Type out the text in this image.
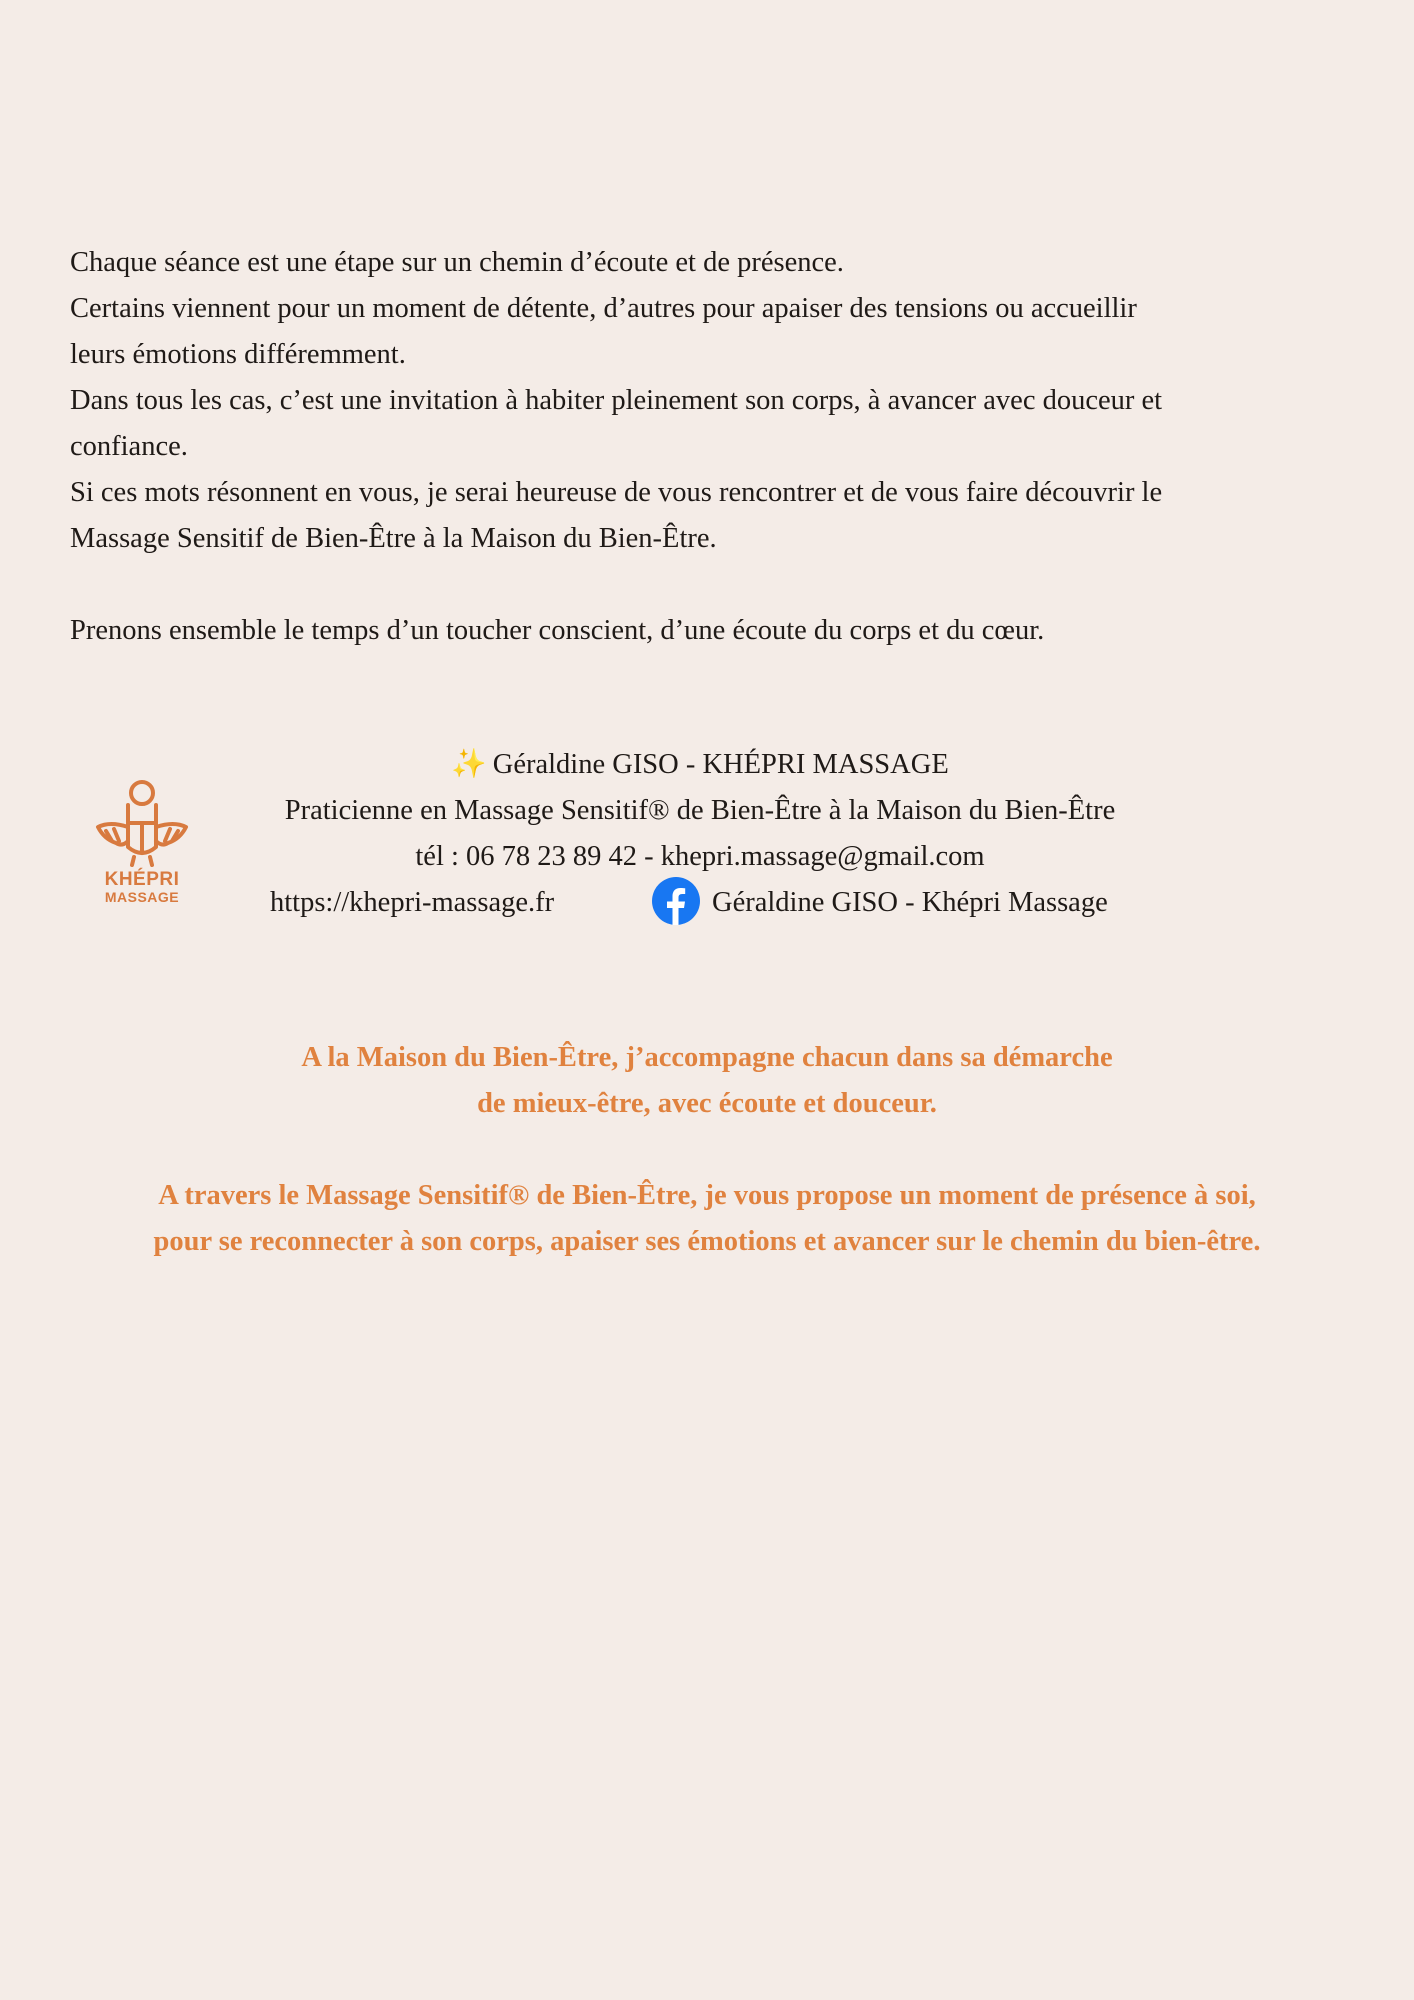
Chaque séance est une étape sur un chemin d’écoute et de présence.

Certains viennent pour un moment de détente, d’autres pour apaiser des tensions ou accueillir

leurs émotions différemment.

Dans tous les cas, c’est une invitation à habiter pleinement son corps, à avancer avec douceur et

confiance.

Si ces mots résonnent en vous, je serai heureuse de vous rencontrer et de vous faire découvrir le

Massage Sensitif de Bien-Être à la Maison du Bien-Être.

Prenons ensemble le temps d’un toucher conscient, d’une écoute du corps et du cœur.

KHÉPRI
MASSAGE
✨ Géraldine GISO - KHÉPRI MASSAGE
Praticienne en Massage Sensitif® de Bien-Être à la Maison du Bien-Être
tél : 06 78 23 89 42 - khepri.massage@gmail.com
https://khepri-massage.fr	Géraldine GISO - Khépri Massage

A la Maison du Bien-Être, j’accompagne chacun dans sa démarche

de mieux-être, avec écoute et douceur.

A travers le Massage Sensitif® de Bien-Être, je vous propose un moment de présence à soi,

pour se reconnecter à son corps, apaiser ses émotions et avancer sur le chemin du bien-être.
